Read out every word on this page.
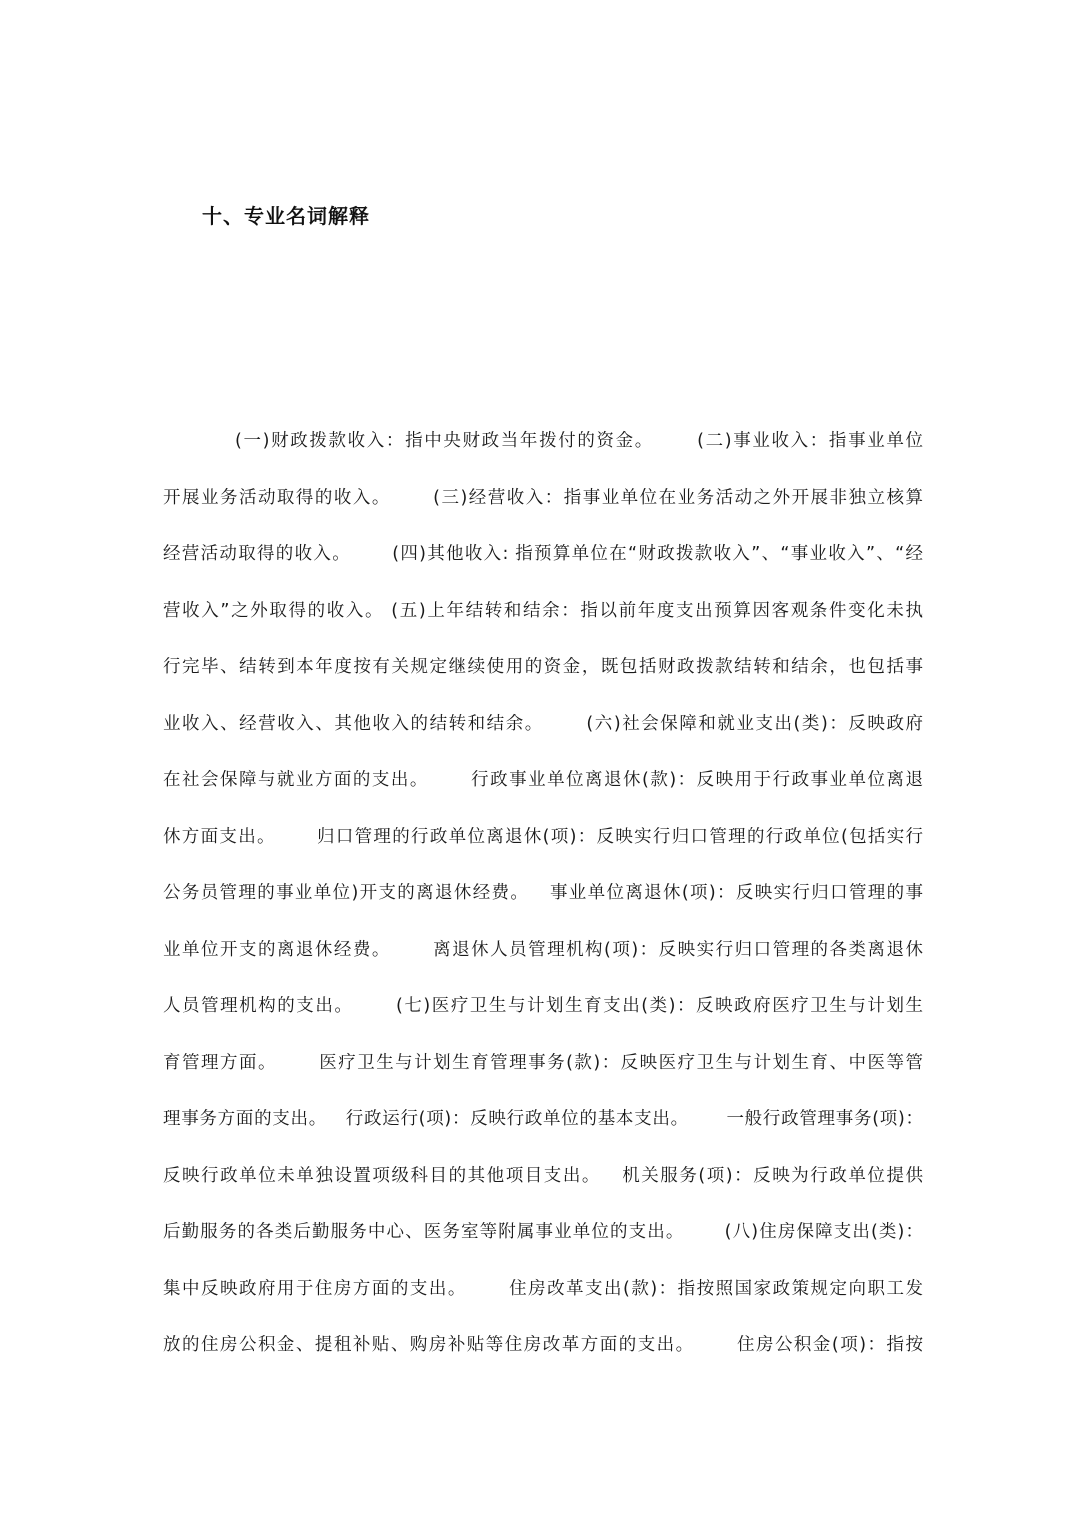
十、专业名词解释
(一)财政拨款收入：指中央财政当年拨付的资金。      (二)事业收入：指事业单位
开展业务活动取得的收入。      (三)经营收入：指事业单位在业务活动之外开展非独立核算
经营活动取得的收入。      (四)其他收入: 指预算单位在“财政拨款收入”、“事业收入”、“经
营收入”之外取得的收入。 (五)上年结转和结余：指以前年度支出预算因客观条件变化未执
行完毕、结转到本年度按有关规定继续使用的资金，既包括财政拨款结转和结余，也包括事
业收入、经营收入、其他收入的结转和结余。      (六)社会保障和就业支出(类)：反映政府
在社会保障与就业方面的支出。      行政事业单位离退休(款)：反映用于行政事业单位离退
休方面支出。      归口管理的行政单位离退休(项)：反映实行归口管理的行政单位(包括实行
公务员管理的事业单位)开支的离退休经费。   事业单位离退休(项)：反映实行归口管理的事
业单位开支的离退休经费。      离退休人员管理机构(项)：反映实行归口管理的各类离退休
人员管理机构的支出。      (七)医疗卫生与计划生育支出(类)：反映政府医疗卫生与计划生
育管理方面。      医疗卫生与计划生育管理事务(款)：反映医疗卫生与计划生育、中医等管
理事务方面的支出。   行政运行(项)：反映行政单位的基本支出。      一般行政管理事务(项)：
反映行政单位未单独设置项级科目的其他项目支出。   机关服务(项)：反映为行政单位提供
后勤服务的各类后勤服务中心、医务室等附属事业单位的支出。      (八)住房保障支出(类)：
集中反映政府用于住房方面的支出。      住房改革支出(款)：指按照国家政策规定向职工发
放的住房公积金、提租补贴、购房补贴等住房改革方面的支出。      住房公积金(项)：指按
